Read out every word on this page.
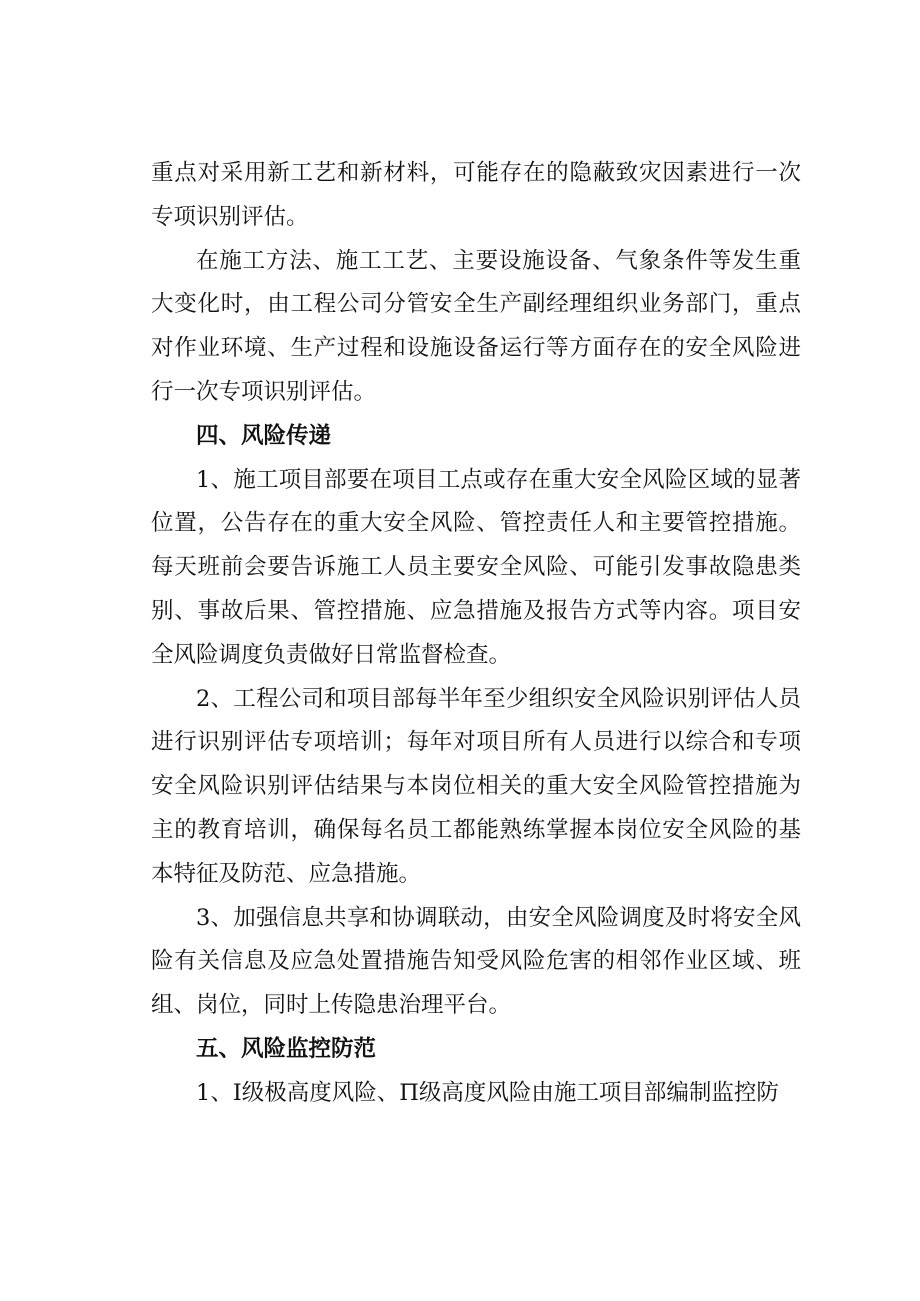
重点对采用新工艺和新材料，可能存在的隐蔽致灾因素进行一次专项识别评估。

在施工方法、施工工艺、主要设施设备、气象条件等发生重大变化时，由工程公司分管安全生产副经理组织业务部门，重点对作业环境、生产过程和设施设备运行等方面存在的安全风险进行一次专项识别评估。

四、风险传递

1、施工项目部要在项目工点或存在重大安全风险区域的显著位置，公告存在的重大安全风险、管控责任人和主要管控措施。每天班前会要告诉施工人员主要安全风险、可能引发事故隐患类别、事故后果、管控措施、应急措施及报告方式等内容。项目安全风险调度负责做好日常监督检查。

2、工程公司和项目部每半年至少组织安全风险识别评估人员进行识别评估专项培训；每年对项目所有人员进行以综合和专项安全风险识别评估结果与本岗位相关的重大安全风险管控措施为主的教育培训，确保每名员工都能熟练掌握本岗位安全风险的基本特征及防范、应急措施。

3、加强信息共享和协调联动，由安全风险调度及时将安全风险有关信息及应急处置措施告知受风险危害的相邻作业区域、班组、岗位，同时上传隐患治理平台。

五、风险监控防范

1、I级极高度风险、Π级高度风险由施工项目部编制监控防
